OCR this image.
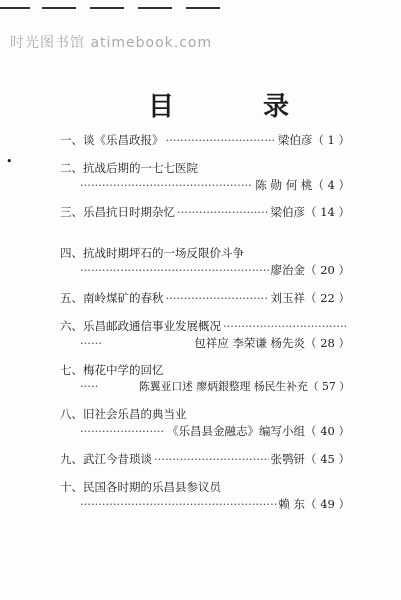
时光图书馆 atimebook.com
目 录
•
一、谈《乐昌政报》 ·····	梁伯彦（ 1 ）
二、抗战后期的一七七医院
·····
陈 勋 何 桃（ 4 ）
三、乐昌抗日时期杂忆 ·····	梁伯彦（ 14 ）
四、抗战时期坪石的一场反限价斗争
·····
廖治金（ 20 ）
五、南岭煤矿的春秋 ·····	刘玉祥（ 22 ）
六、乐昌邮政通信事业发展概况
·····
·····
包祥应 李荣谦 杨先炎（ 28 ）
七、梅花中学的回忆
·····
陈翼亚口述 廖炳銀整理 杨民生补充（ 57 ）
八、旧社会乐昌的典当业
·····
《乐昌县金融志》编写小组（ 40 ）
九、武江今昔琐谈 ·····	张鹗钘（ 45 ）
十、民国各时期的乐昌县参议员
·····
赖 东（ 49 ）
